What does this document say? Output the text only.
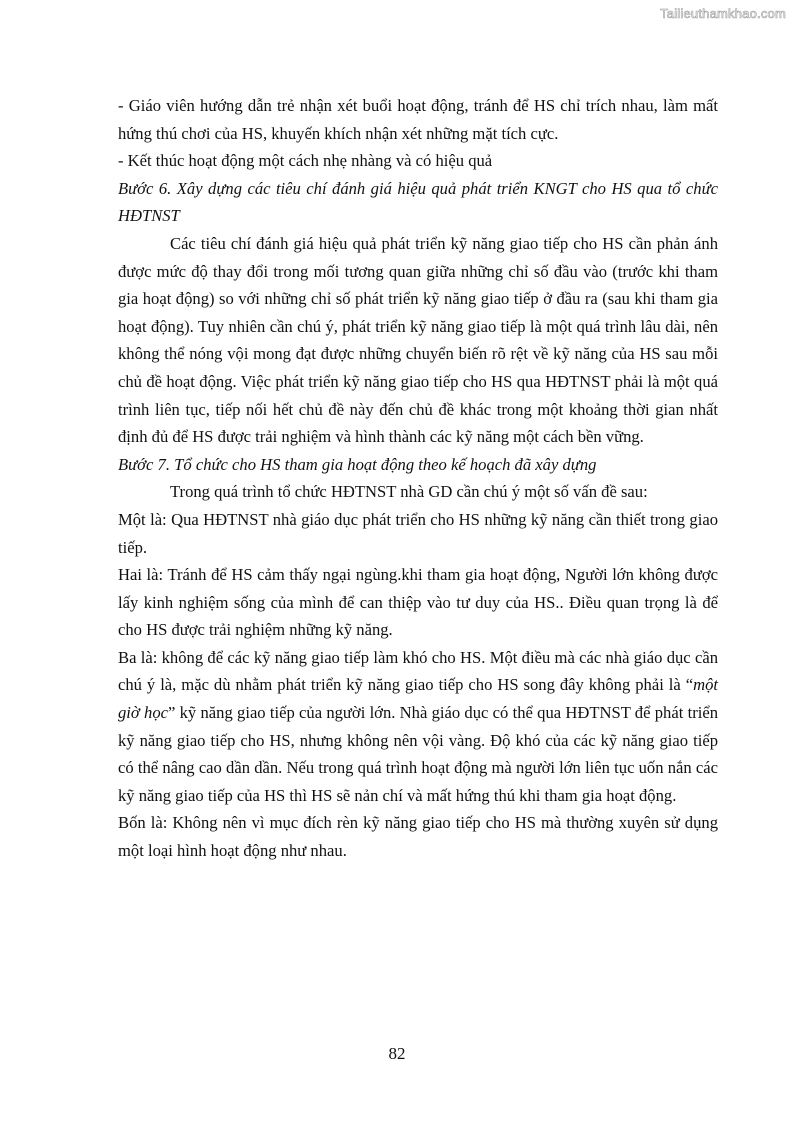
Tailieuthamkhao.com

- Giáo viên hướng dẫn trẻ nhận xét buổi hoạt động, tránh để HS chỉ trích nhau, làm mất hứng thú chơi của HS, khuyến khích nhận xét những mặt tích cực.

- Kết thúc hoạt động một cách nhẹ nhàng và có hiệu quả

Bước 6. Xây dựng các tiêu chí đánh giá hiệu quả phát triển KNGT cho HS qua tổ chức HĐTNST

Các tiêu chí đánh giá hiệu quả phát triển kỹ năng giao tiếp cho HS cần phản ánh được mức độ thay đổi trong mối tương quan giữa những chỉ số đầu vào (trước khi tham gia hoạt động) so với những chỉ số phát triển kỹ năng giao tiếp ở đầu ra (sau khi tham gia hoạt động). Tuy nhiên cần chú ý, phát triển kỹ năng giao tiếp là một quá trình lâu dài, nên không thể nóng vội mong đạt được những chuyển biến rõ rệt về kỹ năng của HS sau mỗi chủ đề hoạt động. Việc phát triển kỹ năng giao tiếp cho HS qua HĐTNST phải là một quá trình liên tục, tiếp nối hết chủ đề này đến chủ đề khác trong một khoảng thời gian nhất định đủ để HS được trải nghiệm và hình thành các kỹ năng một cách bền vững.

Bước 7. Tổ chức cho HS tham gia hoạt động theo kế hoạch đã xây dựng

Trong quá trình tổ chức HĐTNST nhà GD cần chú ý một số vấn đề sau:

Một là: Qua HĐTNST nhà giáo dục phát triển cho HS những kỹ năng cần thiết trong giao tiếp.

Hai là: Tránh để HS cảm thấy ngại ngùng.khi tham gia hoạt động, Người lớn không được lấy kinh nghiệm sống của mình để can thiệp vào tư duy của HS.. Điều quan trọng là để cho HS được trải nghiệm những kỹ năng.

Ba là: không để các kỹ năng giao tiếp làm khó cho HS. Một điều mà các nhà giáo dục cần chú ý là, mặc dù nhằm phát triển kỹ năng giao tiếp cho HS song đây không phải là “một giờ học” kỹ năng giao tiếp của người lớn. Nhà giáo dục có thể qua HĐTNST để phát triển kỹ năng giao tiếp cho HS, nhưng không nên vội vàng. Độ khó của các kỹ năng giao tiếp có thể nâng cao dần dần. Nếu trong quá trình hoạt động mà người lớn liên tục uốn nắn các kỹ năng giao tiếp của HS thì HS sẽ nản chí và mất hứng thú khi tham gia hoạt động.

Bốn là: Không nên vì mục đích rèn kỹ năng giao tiếp cho HS mà thường xuyên sử dụng một loại hình hoạt động như nhau.

82
